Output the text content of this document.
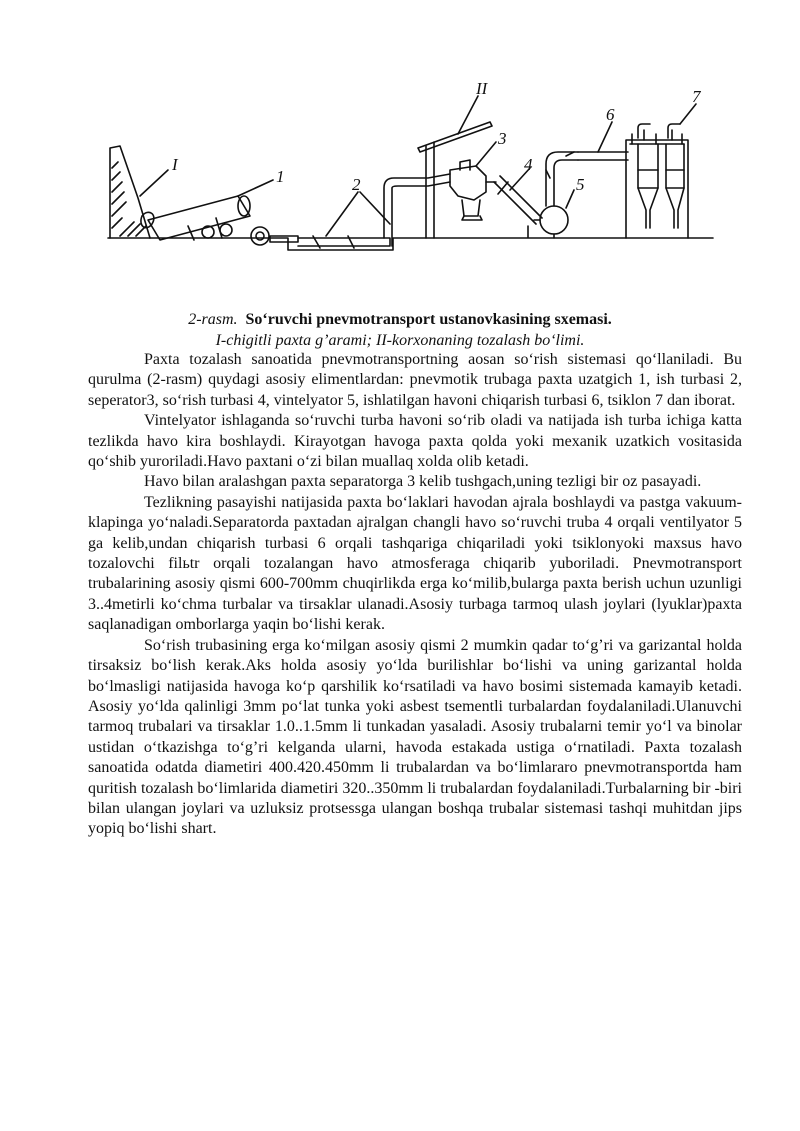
I
II
1	2
3
4
5
6
7
2-rasm. So‘ruvchi pnevmotransport ustanovkasining sxemasi.
I-chigitli paxta g’arami; II-korxonaning tozalash bo‘limi.

Paxta tozalash sanoatida pnevmotransportning aosan so‘rish sistemasi qo‘llaniladi. Bu qurulma (2-rasm) quydagi asosiy elimentlardan: pnevmotik trubaga paxta uzatgich 1, ish turbasi 2, seperator3, so‘rish turbasi 4, vintelyator 5, ishlatilgan havoni chiqarish turbasi 6, tsiklon 7 dan iborat.

Vintelyator ishlaganda so‘ruvchi turba havoni so‘rib oladi va natijada ish turba ichiga katta tezlikda havo kira boshlaydi. Kirayotgan havoga paxta qolda yoki mexanik uzatkich vositasida qo‘shib yuroriladi.Havo paxtani o‘zi bilan muallaq xolda olib ketadi.

Havo bilan aralashgan paxta separatorga 3 kelib tushgach,uning tezligi bir oz pasayadi.

Tezlikning pasayishi natijasida paxta bo‘laklari havodan ajrala boshlaydi va pastga vakuum-klapinga yo‘naladi.Separatorda paxtadan ajralgan changli havo so‘ruvchi truba 4 orqali ventilyator 5 ga kelib,undan chiqarish turbasi 6 orqali tashqariga chiqariladi yoki tsiklonyoki maxsus havo tozalovchi filьtr orqali tozalangan havo atmosferaga chiqarib yuboriladi. Pnevmotransport trubalarining asosiy qismi 600-700mm chuqirlikda erga ko‘milib,bularga paxta berish uchun uzunligi 3..4metirli ko‘chma turbalar va tirsaklar ulanadi.Asosiy turbaga tarmoq ulash joylari (lyuklar)paxta saqlanadigan omborlarga yaqin bo‘lishi kerak.

So‘rish trubasining erga ko‘milgan asosiy qismi 2 mumkin qadar to‘g’ri va garizantal holda tirsaksiz bo‘lish kerak.Aks holda asosiy yo‘lda burilishlar bo‘lishi va uning garizantal holda bo‘lmasligi natijasida havoga ko‘p qarshilik ko‘rsatiladi va havo bosimi sistemada kamayib ketadi. Asosiy yo‘lda qalinligi 3mm po‘lat tunka yoki asbest tsementli turbalardan foydalaniladi.Ulanuvchi tarmoq trubalari va tirsaklar 1.0..1.5mm li tunkadan yasaladi. Asosiy trubalarni temir yo‘l va binolar ustidan o‘tkazishga to‘g’ri kelganda ularni, havoda estakada ustiga o‘rnatiladi. Paxta tozalash sanoatida odatda diametiri 400.420.450mm li trubalardan va bo‘limlararo pnevmotransportda ham quritish tozalash bo‘limlarida diametiri 320..350mm li trubalardan foydalaniladi.Turbalarning bir -biri bilan ulangan joylari va uzluksiz protsessga ulangan boshqa trubalar sistemasi tashqi muhitdan jips yopiq bo‘lishi shart.
